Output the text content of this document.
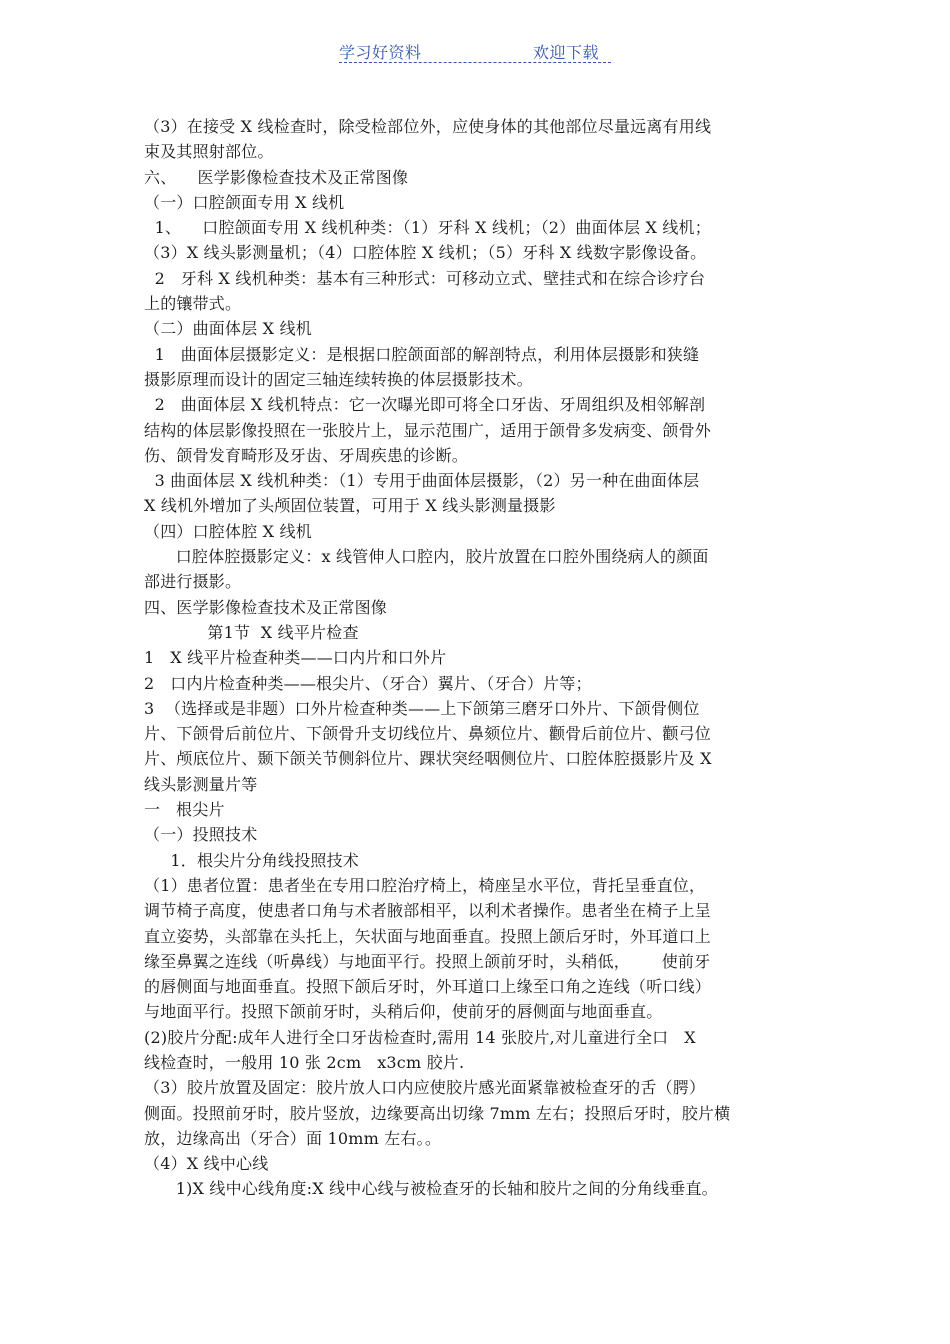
学习好资料	欢迎下载
（3）在接受 X 线检查时，除受检部位外，应使身体的其他部位尽量远离有用线
束及其照射部位。
六、    医学影像检查技术及正常图像
（一）口腔颌面专用 X 线机
1、    口腔颌面专用 X 线机种类：（1）牙科 X 线机；（2）曲面体层 X 线机；
（3）X 线头影测量机；（4）口腔体腔 X 线机；（5）牙科 X 线数字影像设备。
2   牙科 X 线机种类：基本有三种形式：可移动立式、壁挂式和在综合诊疗台
上的镶带式。
（二）曲面体层 X 线机
1   曲面体层摄影定义：是根据口腔颌面部的解剖特点，利用体层摄影和狭缝
摄影原理而设计的固定三轴连续转换的体层摄影技术。
2   曲面体层 X 线机特点：它一次曝光即可将全口牙齿、牙周组织及相邻解剖
结构的体层影像投照在一张胶片上，显示范围广，适用于颌骨多发病变、颌骨外
伤、颌骨发育畸形及牙齿、牙周疾患的诊断。
3 曲面体层 X 线机种类：（1）专用于曲面体层摄影，（2）另一种在曲面体层
X 线机外增加了头颅固位装置，可用于 X 线头影测量摄影
（四）口腔体腔 X 线机
口腔体腔摄影定义：x 线管伸人口腔内，胶片放置在口腔外围绕病人的颜面
部进行摄影。
四、医学影像检查技术及正常图像
第1节  X 线平片检查
1   X 线平片检查种类——口内片和口外片
2   口内片检查种类——根尖片、（牙合）翼片、（牙合）片等；
3  （选择或是非题）口外片检查种类——上下颌第三磨牙口外片、下颌骨侧位
片、下颌骨后前位片、下颌骨升支切线位片、鼻颏位片、颧骨后前位片、颧弓位
片、颅底位片、颞下颌关节侧斜位片、踝状突经咽侧位片、口腔体腔摄影片及 X
线头影测量片等
一   根尖片
（一）投照技术
1．根尖片分角线投照技术
（1）患者位置：患者坐在专用口腔治疗椅上，椅座呈水平位，背托呈垂直位，
调节椅子高度，使患者口角与术者腋部相平，以利术者操作。患者坐在椅子上呈
直立姿势，头部靠在头托上，矢状面与地面垂直。投照上颌后牙时，外耳道口上
缘至鼻翼之连线（听鼻线）与地面平行。投照上颌前牙时，头稍低，      使前牙
的唇侧面与地面垂直。投照下颌后牙时，外耳道口上缘至口角之连线（听口线）
与地面平行。投照下颌前牙时，头稍后仰，使前牙的唇侧面与地面垂直。
(2)胶片分配:成年人进行全口牙齿检查时,需用 14 张胶片,对儿童进行全口   X
线检查时，一般用 10 张 2cm   x3cm 胶片.
（3）胶片放置及固定：胶片放人口内应使胶片感光面紧靠被检查牙的舌（腭）
侧面。投照前牙时，胶片竖放，边缘要高出切缘 7mm 左右；投照后牙时，胶片横
放，边缘高出（牙合）面 10mm 左右。。
（4）X 线中心线
1)X 线中心线角度:X 线中心线与被检查牙的长轴和胶片之间的分角线垂直。
